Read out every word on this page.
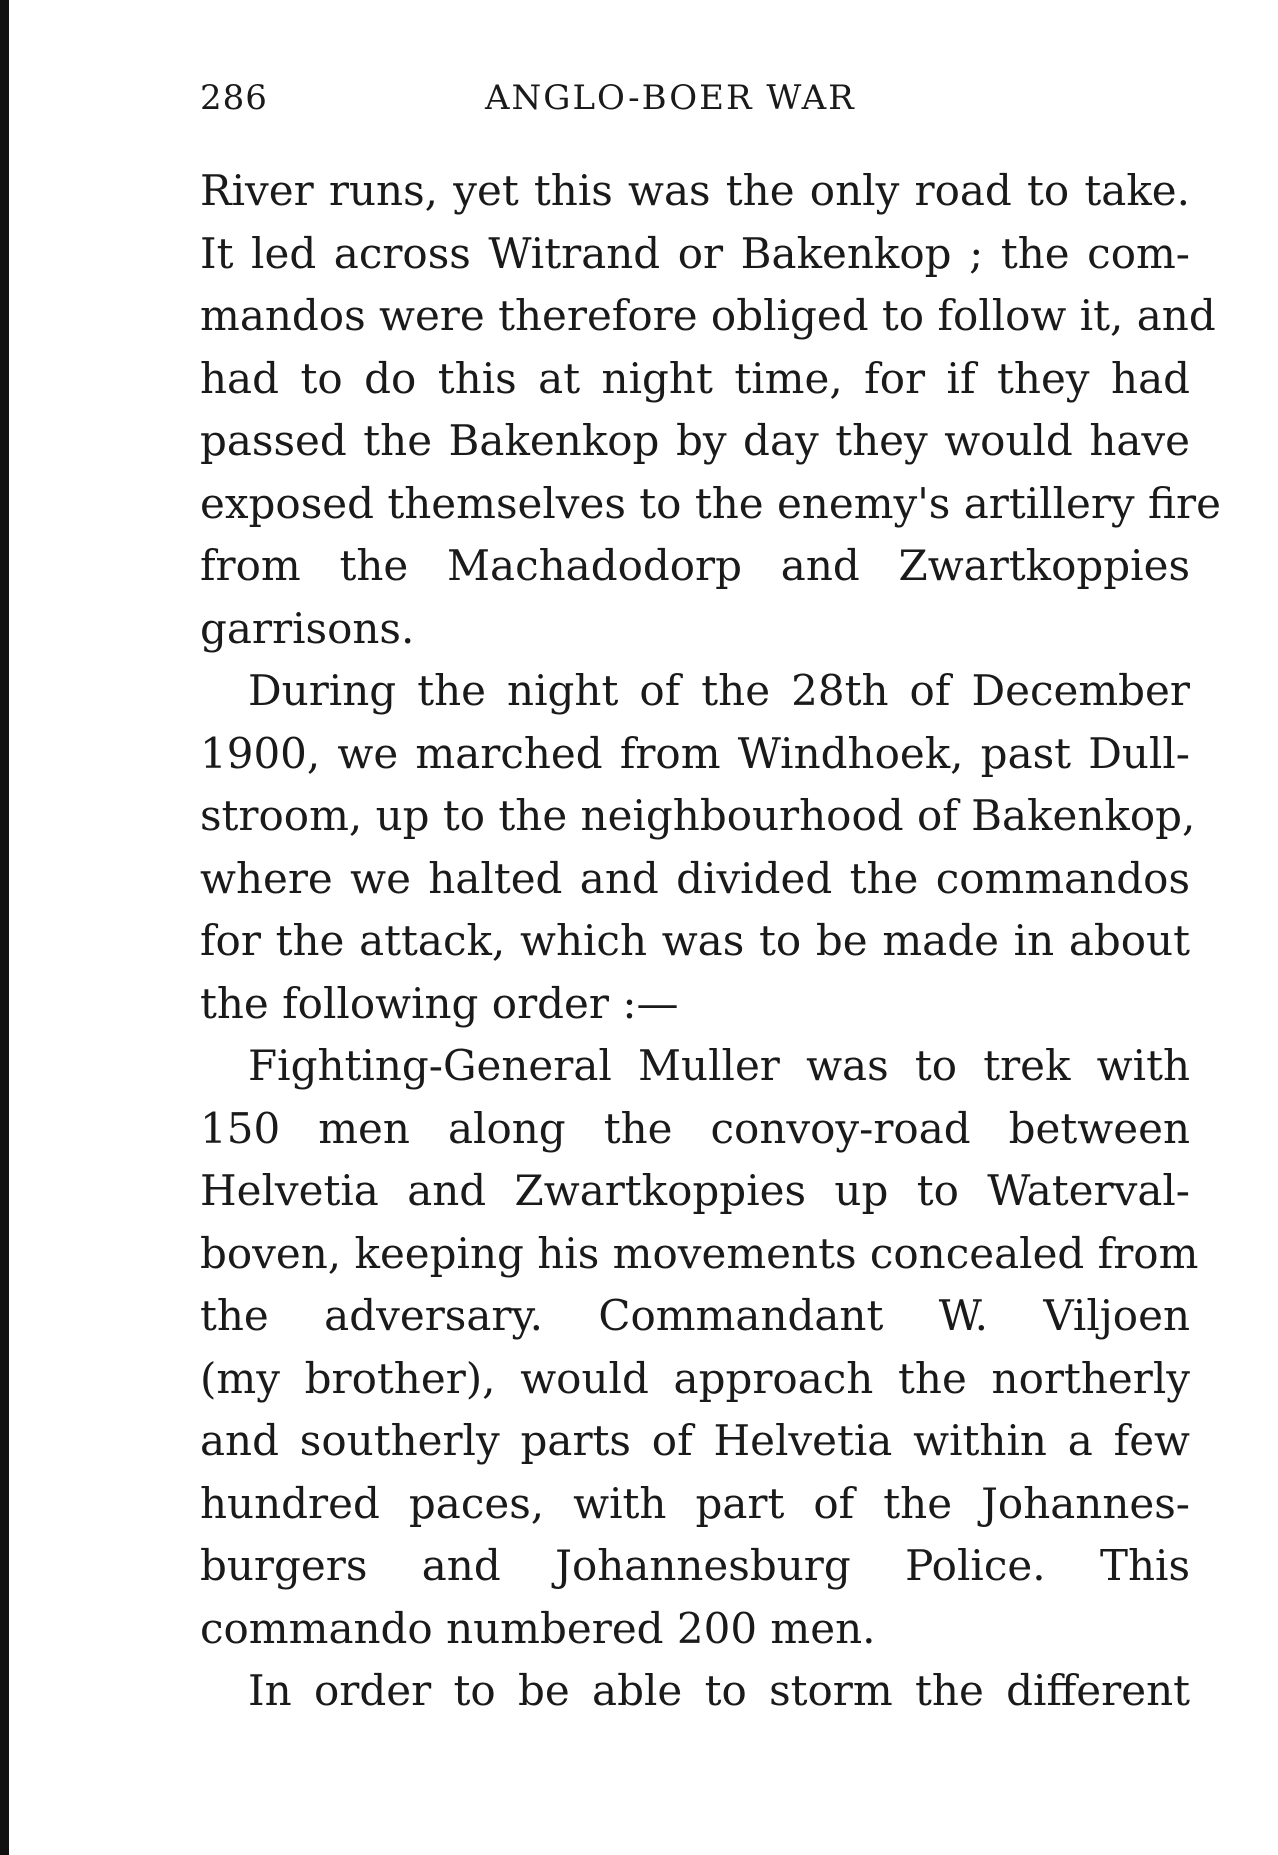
286	ANGLO-BOER WAR
River runs, yet this was the only road to take.
It led across Witrand or Bakenkop ; the com-
mandos were therefore obliged to follow it, and
had to do this at night time, for if they had
passed the Bakenkop by day they would have
exposed themselves to the enemy's artillery fire
from the Machadodorp and Zwartkoppies
garrisons.
During the night of the 28th of December
1900, we marched from Windhoek, past Dull-
stroom, up to the neighbourhood of Bakenkop,
where we halted and divided the commandos
for the attack, which was to be made in about
the following order :—
Fighting-General Muller was to trek with
150 men along the convoy-road between
Helvetia and Zwartkoppies up to Waterval-
boven, keeping his movements concealed from
the adversary. Commandant W. Viljoen
(my brother), would approach the northerly
and southerly parts of Helvetia within a few
hundred paces, with part of the Johannes-
burgers and Johannesburg Police. This
commando numbered 200 men.
In order to be able to storm the different
